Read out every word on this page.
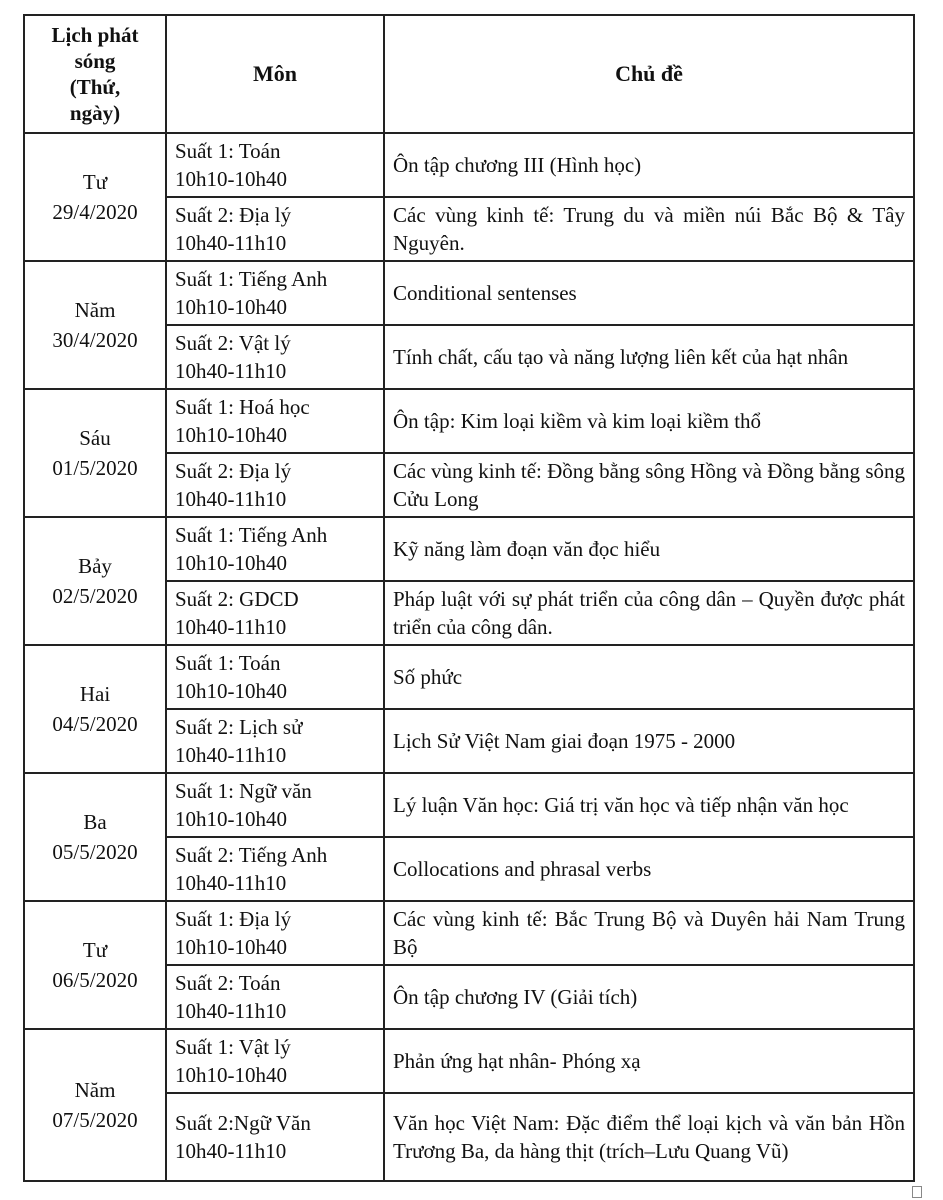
Lịch phát
sóng
(Thứ,
ngày)	Môn	Chủ đề

Tư
29/4/2020	Suất 1: Toán
10h10-10h40	Ôn tập chương III (Hình học)

	Suất 2: Địa lý
10h40-11h10	Các vùng kinh tế: Trung du và miền núi Bắc Bộ & Tây Nguyên.

Năm
30/4/2020	Suất 1: Tiếng Anh
10h10-10h40	Conditional sentenses

	Suất 2: Vật lý
10h40-11h10	Tính chất, cấu tạo và năng lượng liên kết của hạt nhân

Sáu
01/5/2020	Suất 1: Hoá học
10h10-10h40	Ôn tập: Kim loại kiềm và kim loại kiềm thổ

	Suất 2: Địa lý
10h40-11h10	Các vùng kinh tế: Đồng bằng sông Hồng và Đồng bằng sông Cửu Long

Bảy
02/5/2020	Suất 1: Tiếng Anh
10h10-10h40	Kỹ năng làm đoạn văn đọc hiểu

	Suất 2: GDCD
10h40-11h10	Pháp luật với sự phát triển của công dân – Quyền được phát triển của công dân.

Hai
04/5/2020	Suất 1: Toán
10h10-10h40	Số phức

	Suất 2: Lịch sử
10h40-11h10	Lịch Sử Việt Nam giai đoạn 1975 - 2000

Ba
05/5/2020	Suất 1: Ngữ văn
10h10-10h40	Lý luận Văn học: Giá trị văn học và tiếp nhận văn học

	Suất 2: Tiếng Anh
10h40-11h10	Collocations and phrasal verbs

Tư
06/5/2020	Suất 1: Địa lý
10h10-10h40	Các vùng kinh tế: Bắc Trung Bộ và Duyên hải Nam Trung Bộ

	Suất 2: Toán
10h40-11h10	Ôn tập chương IV (Giải tích)

Năm
07/5/2020	Suất 1: Vật lý
10h10-10h40	Phản ứng hạt nhân- Phóng xạ

	Suất 2:Ngữ Văn
10h40-11h10	Văn học Việt Nam: Đặc điểm thể loại kịch và văn bản Hồn Trương Ba, da hàng thịt (trích–Lưu Quang Vũ)
